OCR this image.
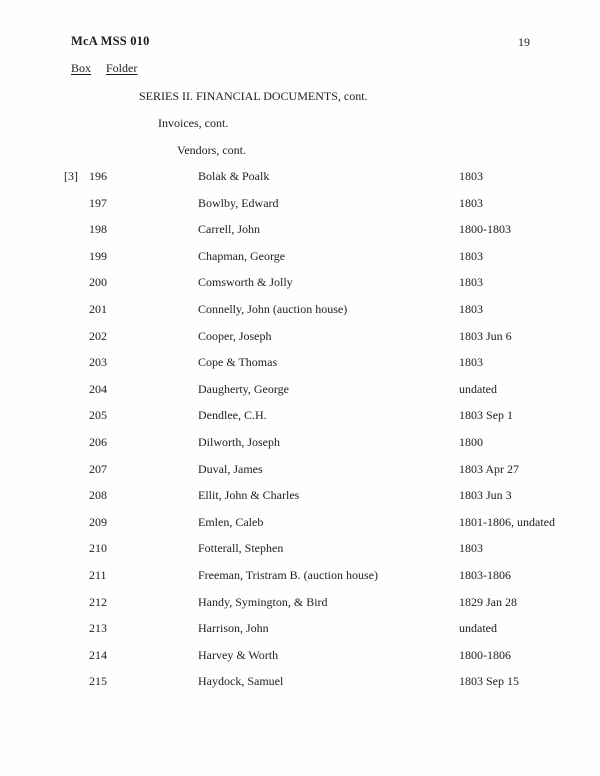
McA MSS 010	19
Box Folder
SERIES II. FINANCIAL DOCUMENTS, cont.
Invoices, cont.
Vendors, cont.
[3] 196	Bolak & Poalk	1803
197	Bowlby, Edward	1803
198	Carrell, John	1800-1803
199	Chapman, George	1803
200	Comsworth & Jolly	1803
201	Connelly, John (auction house)	1803
202	Cooper, Joseph	1803 Jun 6
203	Cope & Thomas	1803
204	Daugherty, George	undated
205	Dendlee, C.H.	1803 Sep 1
206	Dilworth, Joseph	1800
207	Duval, James	1803 Apr 27
208	Ellit, John & Charles	1803 Jun 3
209	Emlen, Caleb	1801-1806, undated
210	Fotterall, Stephen	1803
211	Freeman, Tristram B. (auction house)	1803-1806
212	Handy, Symington, & Bird	1829 Jan 28
213	Harrison, John	undated
214	Harvey & Worth	1800-1806
215	Haydock, Samuel	1803 Sep 15
